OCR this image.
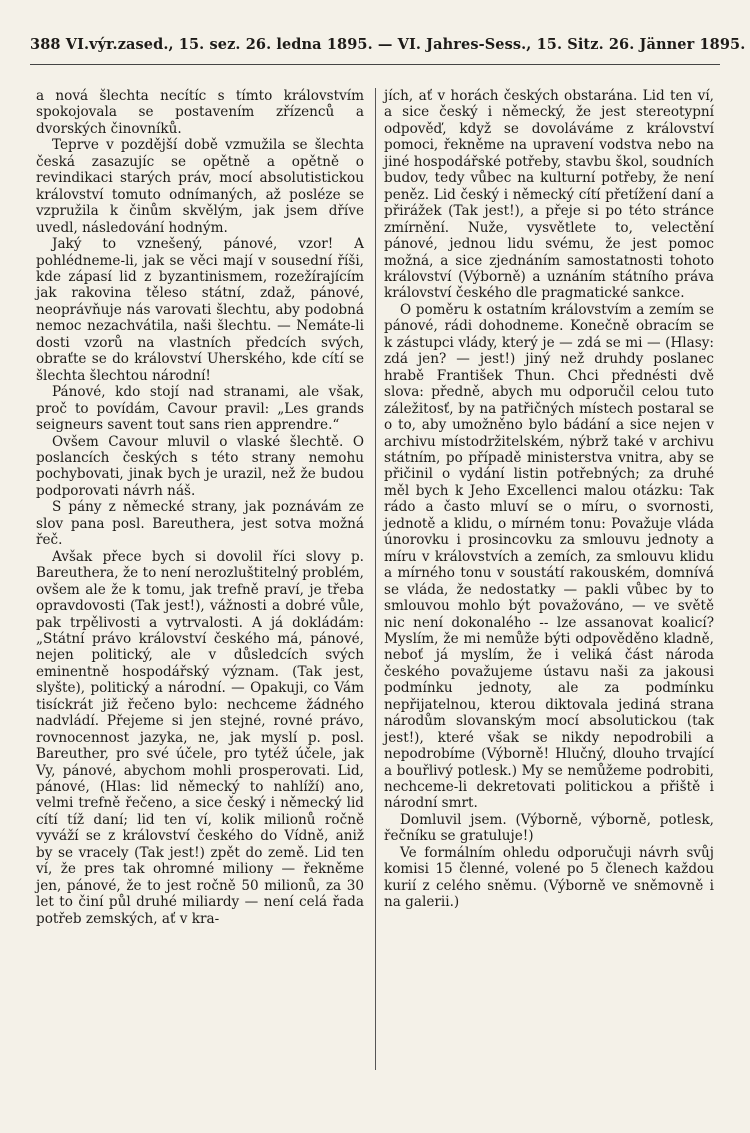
388 VI.výr.zased., 15. sez. 26. ledna 1895. — VI. Jahres-Sess., 15. Sitz. 26. Jänner 1895.

a nová šlechta necítíc s tímto královstvím spokojovala se postavením zřízenců a dvorských činovníků.

Teprve v pozdější době vzmužila se šlechta česká zasazujíc se opětně a opětně o revindikaci starých práv, mocí absolutistickou království tomuto odnímaných, až posléze se vzpružila k činům skvělým, jak jsem dříve uvedl, následování hodným.

Jaký to vznešený, pánové, vzor! A pohlédneme-li, jak se věci mají v sousední říši, kde zápasí lid z byzantinismem, rozežírajícím jak rakovina těleso státní, zdaž, pánové, neoprávňuje nás varovati šlechtu, aby podobná nemoc nezachvátila, naši šlechtu. — Nemáte-li dosti vzorů na vlastních předcích svých, obraťte se do království Uherského, kde cítí se šlechta šlechtou národní!

Pánové, kdo stojí nad stranami, ale však, proč to povídám, Cavour pravil: „Les grands seigneurs savent tout sans rien apprendre.“

Ovšem Cavour mluvil o vlaské šlechtě. O poslancích českých s této strany nemohu pochybovati, jinak bych je urazil, než že budou podporovati návrh náš.

S pány z německé strany, jak poznávám ze slov pana posl. Bareuthera, jest sotva možná řeč.

Avšak přece bych si dovolil říci slovy p. Bareuthera, že to není nerozluštitelný problém, ovšem ale že k tomu, jak trefně praví, je třeba opravdovosti (Tak jest!), vážnosti a dobré vůle, pak trpělivosti a vytrvalosti. A já dokládám: „Státní právo království českého má, pánové, nejen politický, ale v důsledcích svých eminentně hospodářský význam. (Tak jest, slyšte), politický a národní. — Opakuji, co Vám tisíckrát již řečeno bylo: nechceme žádného nadvládí. Přejeme si jen stejné, rovné právo, rovnocennost jazyka, ne, jak myslí p. posl. Bareuther, pro své účele, pro tytéž účele, jak Vy, pánové, abychom mohli prosperovati. Lid, pánové, (Hlas: lid německý to nahlíží) ano, velmi trefně řečeno, a sice český i německý lid cítí tíž daní; lid ten ví, kolik milionů ročně vyváží se z království českého do Vídně, aniž by se vracely (Tak jest!) zpět do země. Lid ten ví, že pres tak ohromné miliony — řekněme jen, pánové, že to jest ročně 50 milionů, za 30 let to činí půl druhé miliardy — není celá řada potřeb zemských, ať v kra-

jích, ať v horách českých obstarána. Lid ten ví, a sice český i německý, že jest stereotypní odpověď, když se dovoláváme z království pomoci, řekněme na upravení vodstva nebo na jiné hospodářské potřeby, stavbu škol, soudních budov, tedy vůbec na kulturní potřeby, že není peněz. Lid český i německý cítí přetížení daní a přirážek (Tak jest!), a přeje si po této stránce zmírnění. Nuže, vysvětlete to, velectění pánové, jednou lidu svému, že jest pomoc možná, a sice zjednáním samostatnosti tohoto království (Výborně) a uznáním státního práva království českého dle pragmatické sankce.

O poměru k ostatním královstvím a zemím se pánové, rádi dohodneme. Konečně obracím se k zástupci vlády, který je — zdá se mi — (Hlasy: zdá jen? — jest!) jiný než druhdy poslanec hrabě František Thun. Chci přednésti dvě slova: předně, abych mu odporučil celou tuto záležitosť, by na patřičných místech postaral se o to, aby umožněno bylo bádání a sice nejen v archivu místodržitelském, nýbrž také v archivu státním, po případě ministerstva vnitra, aby se přičinil o vydání listin potřebných; za druhé měl bych k Jeho Excellenci malou otázku: Tak rádo a často mluví se o míru, o svornosti, jednotě a klidu, o mírném tonu: Považuje vláda únorovku i prosincovku za smlouvu jednoty a míru v královstvích a zemích, za smlouvu klidu a mírného tonu v soustátí rakouském, domnívá se vláda, že nedostatky — pakli vůbec by to smlouvou mohlo být považováno, — ve světě nic není dokonalého -- lze assanovat koalicí? Myslím, že mi nemůže býti odpověděno kladně, neboť já myslím, že i veliká část národa českého považujeme ústavu naši za jakousi podmínku jednoty, ale za podmínku nepřijatelnou, kterou diktovala jediná strana národům slovanským mocí absolutickou (tak jest!), které však se nikdy nepodrobili a nepodrobíme (Výborně! Hlučný, dlouho trvající a bouřlivý potlesk.) My se nemůžeme podrobiti, nechceme-li dekretovati politickou a přiště i národní smrt.

Domluvil jsem. (Výborně, výborně, potlesk, řečníku se gratuluje!)

Ve formálním ohledu odporučuji návrh svůj komisi 15 členné, volené po 5 členech každou kurií z celého sněmu. (Výborně ve sněmovně i na galerii.)
